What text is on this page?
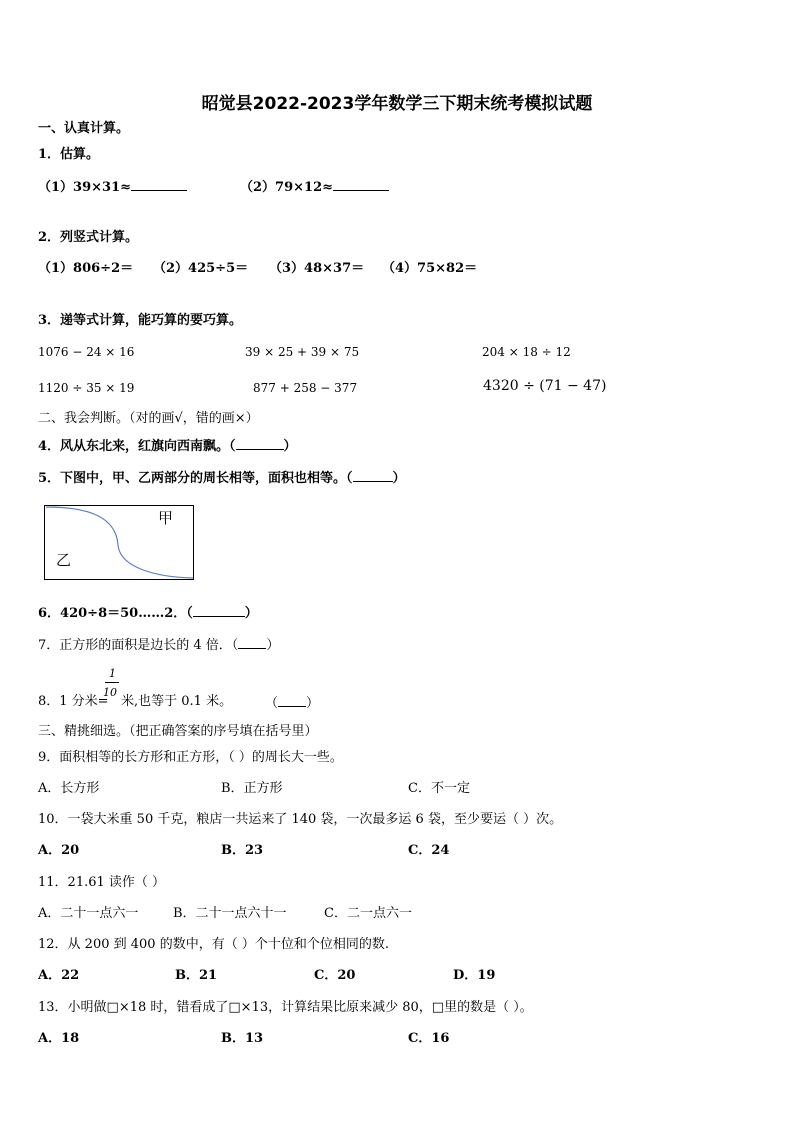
昭觉县2022-2023学年数学三下期末统考模拟试题
一、认真计算。
1．估算。
（1）39×31≈	（2）79×12≈
2．列竖式计算。
（1）806÷2＝ （2）425÷5＝ （3）48×37＝ （4）75×82＝
3．递等式计算，能巧算的要巧算。
1076 − 24 × 16	39 × 25 + 39 × 75	204 × 18 ÷ 12
1120 ÷ 35 × 19	877 + 258 − 377	4320 ÷ (71 − 47)
二、我会判断。（对的画√，错的画×）
4．风从东北来，红旗向西南飘。（	）
5．下图中，甲、乙两部分的周长相等，面积也相等。（	）
甲
乙
6．420÷8＝50……2．（	）
7．正方形的面积是边长的 4 倍．（ ）
1
10
8．1 分米= 米,也等于 0.1 米。	（ ）
三、精挑细选。（把正确答案的序号填在括号里）
9．面积相等的长方形和正方形，（ ）的周长大一些。
A．长方形	B．正方形	C．不一定
10．一袋大米重 50 千克，粮店一共运来了 140 袋，一次最多运 6 袋，至少要运（ ）次。
A．20	B．23	C．24
11．21.61 读作（ ）
A．二十一点六一	B．二十一点六十一	C．二一点六一
12．从 200 到 400 的数中，有（ ）个十位和个位相同的数.
A．22	B．21	C．20	D．19
13．小明做□×18 时，错看成了□×13，计算结果比原来减少 80，□里的数是（ ）。
A．18	B．13	C．16
